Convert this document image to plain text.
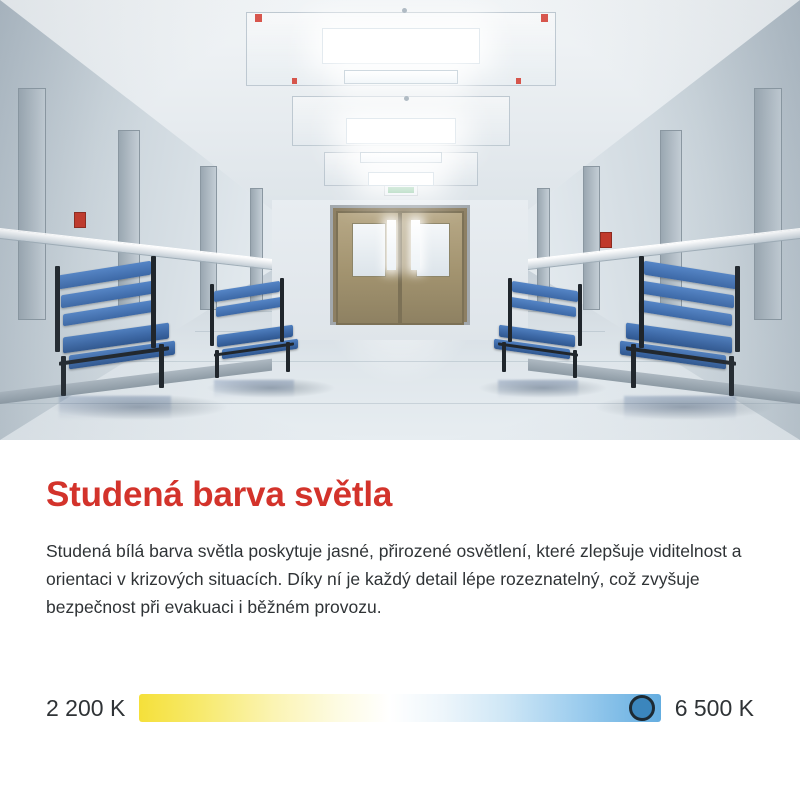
Studená barva světla

Studená bílá barva světla poskytuje jasné, přirozené osvětlení, které zlepšuje viditelnost a orientaci v krizových situacích. Díky ní je každý detail lépe rozeznatelný, což zvyšuje bezpečnost při evakuaci i běžném provozu.

2 200 K	6 500 K
